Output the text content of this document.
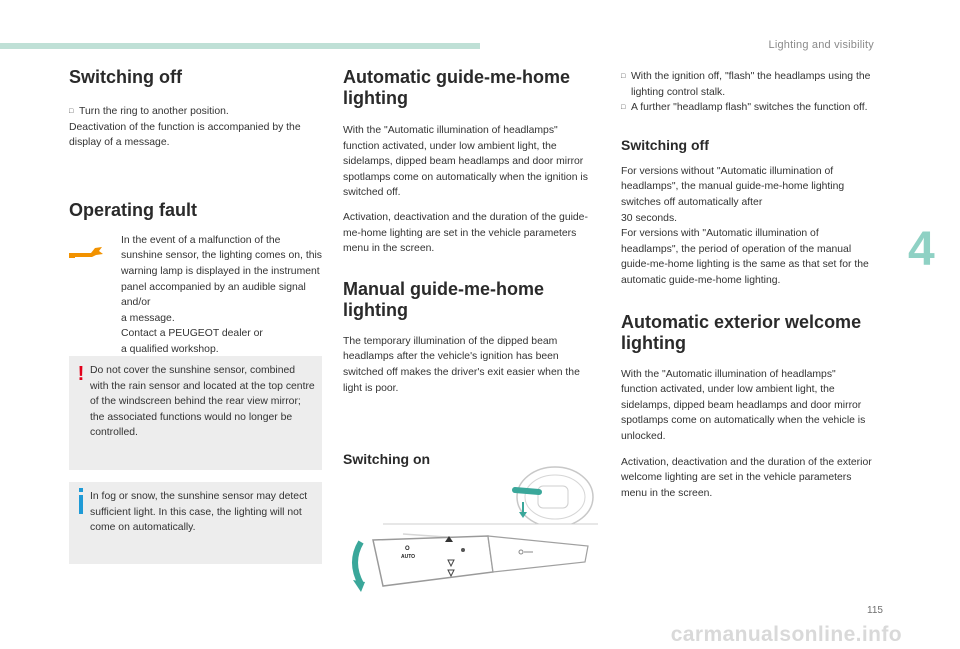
Lighting and visibility
4
Switching off
□ Turn the ring to another position.

Deactivation of the function is accompanied by the display of a message.

Operating fault

In the event of a malfunction of the sunshine sensor, the lighting comes on, this warning lamp is displayed in the instrument panel accompanied by an audible signal and/or

a message.

Contact a PEUGEOT dealer or

a qualified workshop.

! Do not cover the sunshine sensor, combined with the rain sensor and located at the top centre of the windscreen behind the rear view mirror; the associated functions would no longer be controlled.

In fog or snow, the sunshine sensor may detect sufficient light. In this case, the lighting will not come on automatically.

Automatic guide-me-home lighting

With the "Automatic illumination of headlamps" function activated, under low ambient light, the sidelamps, dipped beam headlamps and door mirror spotlamps come on automatically when the ignition is switched off.

Activation, deactivation and the duration of the guide-me-home lighting are set in the vehicle parameters menu in the screen.

Manual guide-me-home lighting

The temporary illumination of the dipped beam headlamps after the vehicle's ignition has been switched off makes the driver's exit easier when the light is poor.

Switching on
O
AUTO
□ With the ignition off, "flash" the headlamps using the lighting control stalk.

□ A further "headlamp flash" switches the function off.

Switching off

For versions without "Automatic illumination of headlamps", the manual guide-me-home lighting switches off automatically after

30 seconds.

For versions with "Automatic illumination of headlamps", the period of operation of the manual guide-me-home lighting is the same as that set for the automatic guide-me-home lighting.

Automatic exterior welcome lighting

With the "Automatic illumination of headlamps" function activated, under low ambient light, the sidelamps, dipped beam headlamps and door mirror spotlamps come on automatically when the vehicle is unlocked.

Activation, deactivation and the duration of the exterior welcome lighting are set in the vehicle parameters menu in the screen.

115
carmanualsonline.info
